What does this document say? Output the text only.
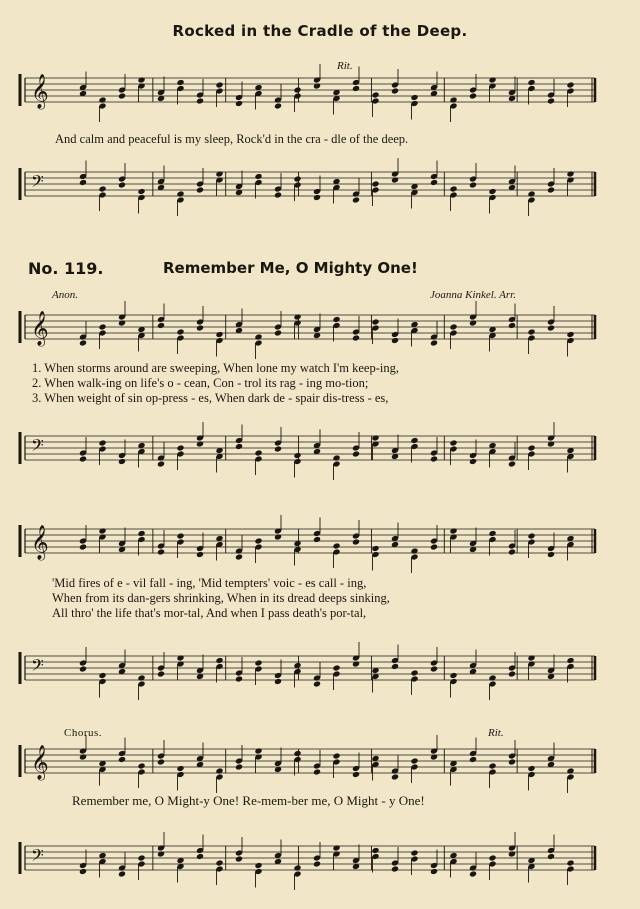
Rocked in the Cradle of the Deep.
𝄞
Rit.
And calm and peaceful is my sleep, Rock'd in the cra - dle of the deep.
𝄢
No. 119.	Remember Me, O Mighty One!
Anon.	Joanna Kinkel. Arr.
𝄞
1. When storms around are sweeping, When lone my watch I'm keep-ing,
2. When walk-ing on life's o - cean, Con - trol its rag - ing mo-tion;
3. When weight of sin op-press - es, When dark de - spair dis-tress - es,
𝄢
𝄞
'Mid fires of e - vil fall - ing, 'Mid tempters' voic - es call - ing,
When from its dan-gers shrinking, When in its dread deeps sinking,
All thro' the life that's mor-tal, And when I pass death's por-tal,
𝄢
Chorus.	Rit.
𝄞
Remember me, O Might-y One! Re-mem-ber me, O Might - y One!
𝄢
